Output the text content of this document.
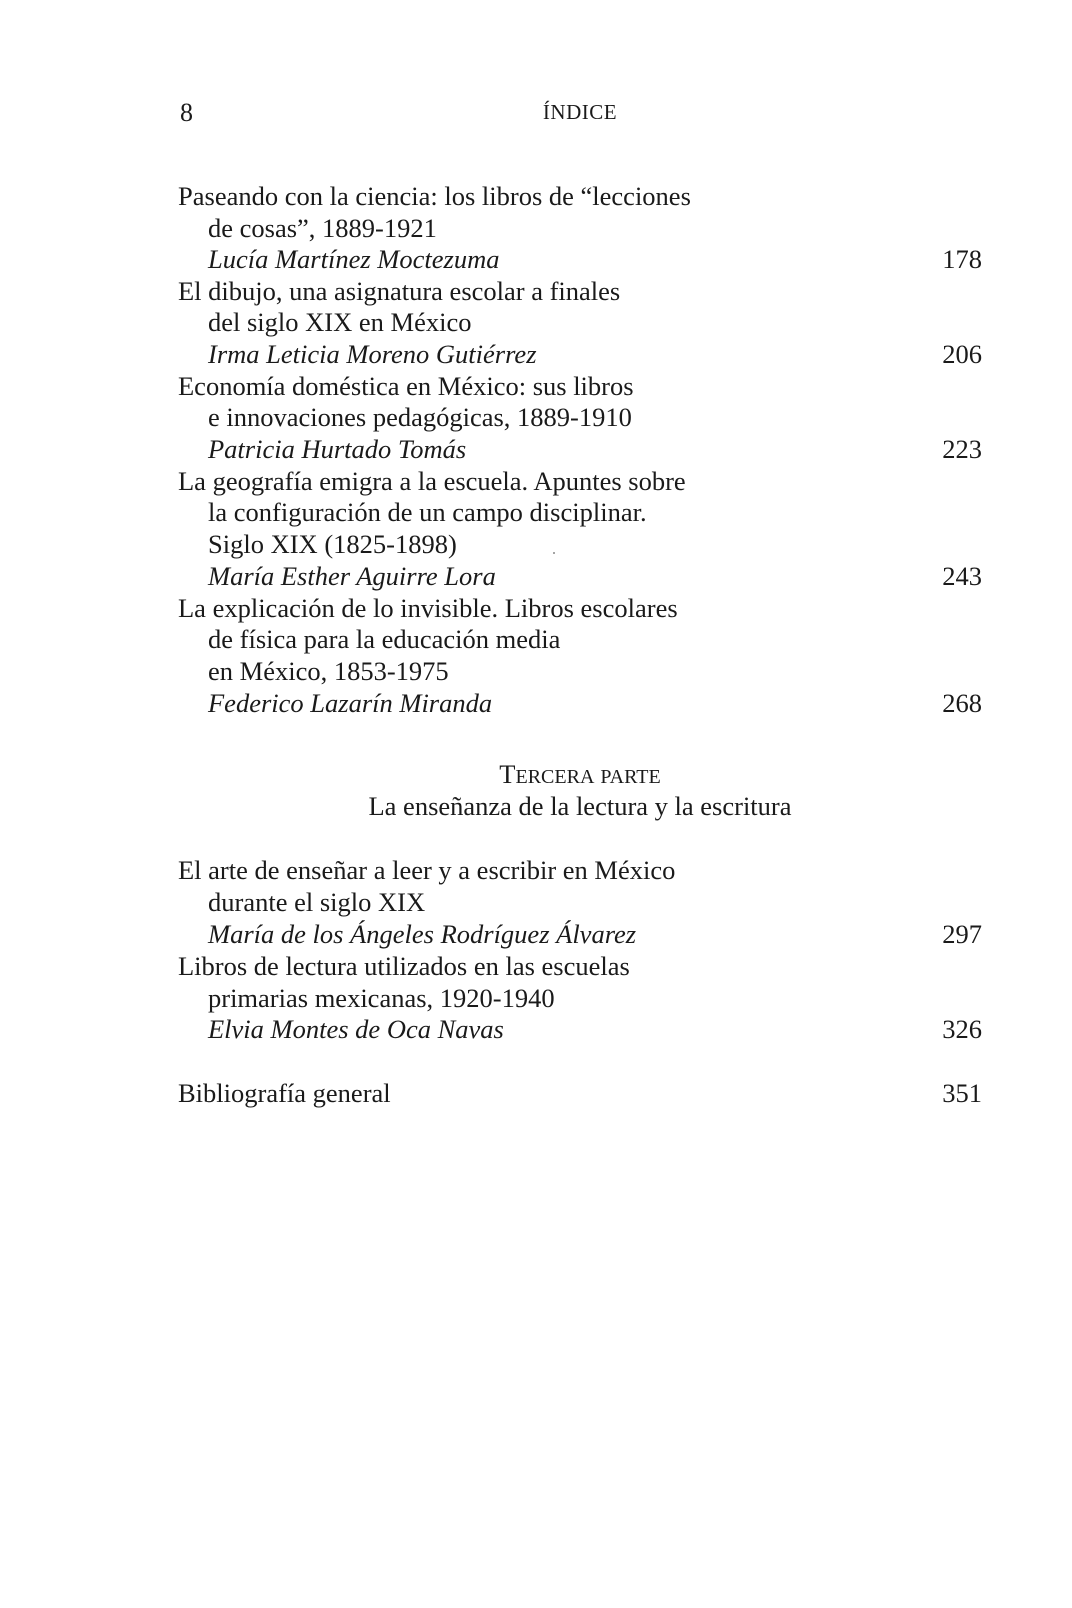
8	ÍNDICE
Paseando con la ciencia: los libros de “lecciones
de cosas”, 1889-1921
Lucía Martínez Moctezuma	178
El dibujo, una asignatura escolar a finales
del siglo XIX en México
Irma Leticia Moreno Gutiérrez	206
Economía doméstica en México: sus libros
e innovaciones pedagógicas, 1889-1910
Patricia Hurtado Tomás	223
La geografía emigra a la escuela. Apuntes sobre
la configuración de un campo disciplinar.
Siglo XIX (1825-1898)
María Esther Aguirre Lora	243
La explicación de lo invisible. Libros escolares
de física para la educación media
en México, 1853-1975
Federico Lazarín Miranda	268
TERCERA PARTE
La enseñanza de la lectura y la escritura
El arte de enseñar a leer y a escribir en México
durante el siglo XIX
María de los Ángeles Rodríguez Álvarez	297
Libros de lectura utilizados en las escuelas
primarias mexicanas, 1920-1940
Elvia Montes de Oca Navas	326
Bibliografía general	351
